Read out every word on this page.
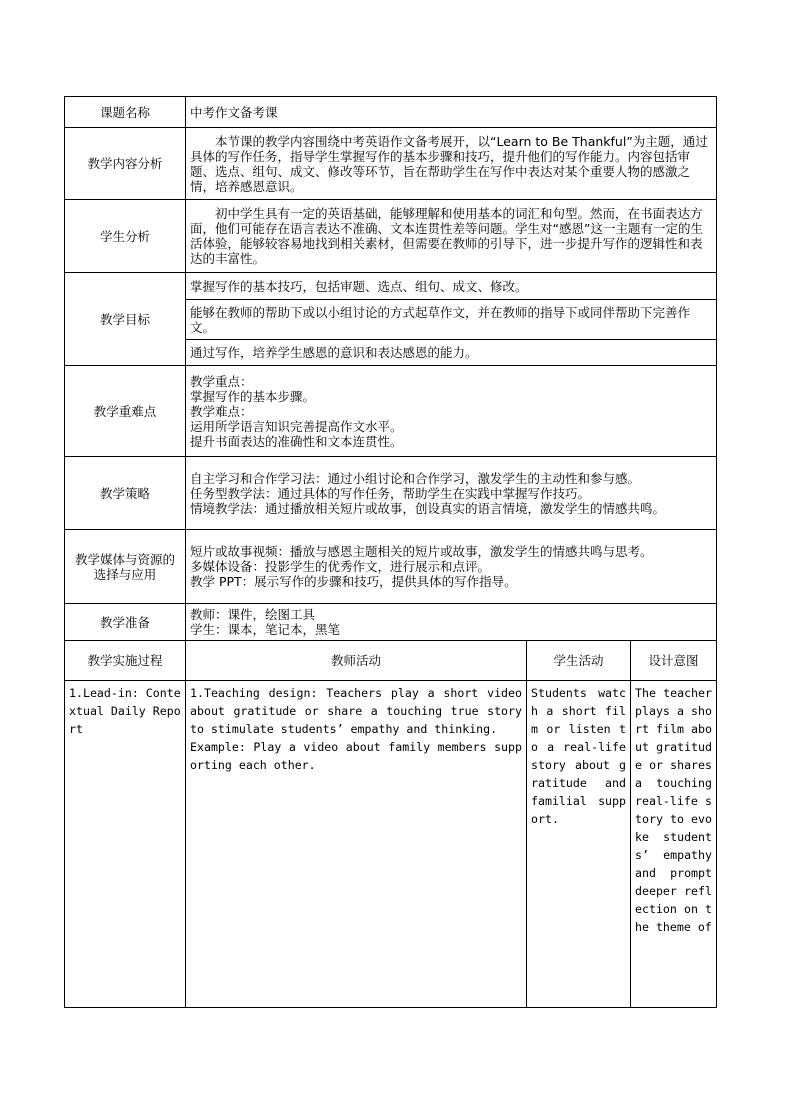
课题名称	中考作文备考课		
教学内容分析	本节课的教学内容围绕中考英语作文备考展开，以“Learn to Be Thankful”为主题，通过具体的写作任务，指导学生掌握写作的基本步骤和技巧，提升他们的写作能力。内容包括审题、选点、组句、成文、修改等环节，旨在帮助学生在写作中表达对某个重要人物的感激之情，培养感恩意识。		
学生分析	初中学生具有一定的英语基础，能够理解和使用基本的词汇和句型。然而，在书面表达方面，他们可能存在语言表达不准确、文本连贯性差等问题。学生对“感恩”这一主题有一定的生活体验，能够较容易地找到相关素材，但需要在教师的引导下，进一步提升写作的逻辑性和表达的丰富性。		
教学目标	掌握写作的基本技巧，包括审题、选点、组句、成文、修改。		
	能够在教师的帮助下或以小组讨论的方式起草作文，并在教师的指导下或同伴帮助下完善作文。		
	通过写作，培养学生感恩的意识和表达感恩的能力。		
教学重难点	教学重点：
掌握写作的基本步骤。
教学难点：
运用所学语言知识完善提高作文水平。
提升书面表达的准确性和文本连贯性。		

教学策略	自主学习和合作学习法：通过小组讨论和合作学习，激发学生的主动性和参与感。
任务型教学法：通过具体的写作任务，帮助学生在实践中掌握写作技巧。
情境教学法：通过播放相关短片或故事，创设真实的语言情境，激发学生的情感共鸣。		

教学媒体与资源的选择与应用	短片或故事视频：播放与感恩主题相关的短片或故事，激发学生的情感共鸣与思考。
多媒体设备：投影学生的优秀作文，进行展示和点评。
教学 PPT：展示写作的步骤和技巧，提供具体的写作指导。		

教学准备	教师：课件，绘图工具
学生：课本，笔记本，黑笔		

教学实施过程	教师活动	学生活动	设计意图
1.Lead-in: Contextual Daily Report	1.Teaching design: Teachers play a short video about gratitude or share a touching true story to stimulate students’ empathy and thinking.
Example: Play a video about family members supporting each other.	Students watch a short film or listen to a real-life story about gratitude and familial support.	The teacher plays a short film about gratitude or shares a touching real-life story to evoke students’ empathy and prompt deeper reflection on the theme of
